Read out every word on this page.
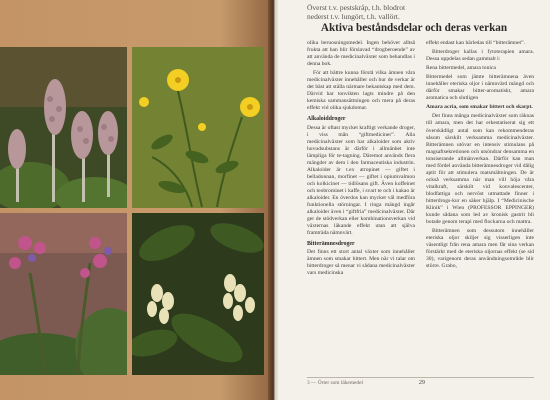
Överst t.v. pestskråp, t.h. blodrot
nederst t.v. lungört, t.h. vallört.
Aktiva beståndsdelar och deras verkan

olika beruosningsmedel. Ingen behöver alltså frukta att han blir förslavad “drogberoende” av att använda de medicinalväxter som behandlas i denna bok.

För att bättre kunna förstå vilka ämnen våra medicinalväxter innehåller och hur de verkar är det bäst att ställa närmare bekantskap med dem. Därvid har tonvikten lagts mindre på den kemiska sammansättningen och mera på deras effekt vid olika sjukdomar.

Alkaloiddroger

Dessa är oftast mycket kraftigt verkande droger, i viss mån “giftmediciner”. Alla medicinalväxter som har alkaloider som aktiv huvudsubstans är därför i allmänhet inte lämpliga för te-tagning. Däremot används flera mängder av dem i den farmaceutiska industrin. Alkaloider är t.ex atropinet — giftet i belladonnan, morfinet — giftet i opiumvalmon och kolkicinet — tidlösans gift. Även koffeinet och teobrominet i kaffe, i svart te och i kakao är alkaloider. En överdos kan mycket väl medföra funktionella störningar. I ringa mängd ingår alkaloider även i “giftfria” medicinalväxter. Där ger de stödverkan eller kombinationsverkan vid växternas läkande effekt utan att själva framträda nämnvärt.

Bitterämnesdroger

Det finns ett stort antal växter som innehåller ämnen som smakar bittert. Men när vi talar om bitterdroger så menar vi sådana medicinalväxter vars medicinska

effekt endast kan härledas till “bitterämnet”.

Bitterdroger kallas i fytoterapien amara. Dessa uppdelas sedan gammalt i:

Rena bittermedel, amara tonica

Bittermedel som jämte bitterämnena även innehåller eteriska oljor i nämnvärd mängd och därför smakar bitter-aromatiskt, amara aromatica och slutligen

Amara acria, som smakar bittert och skarpt.

Det finns många medicinalväxter som räknas till amara, men det har erkestatiserat sig ett överskådligt antal som kan rekommenderas såsom särskilt verksamma medicinalväxter. Bitterämnen utövar en intensiv stimulans på magsaftsekretionen och utsöndrar densamma en tonsiserande allmänverkan. Därför kan man med fördel använda bitterämnesdroger vid dålig aptit för att stimulera matsmältningen. De är också verksamma när man vill höja våra vitalkraft, särskilt vid konvalescenter, blodfattiga och nervöst utmattade finner i bitterdrogs-kur en säker hjälp. I “Medicinische Klinik” i Wien (PROFESSOR EPPINGER) kunde sådana som led av kronisk gastrit bli botade genom terapi med flockarna och mattra.

Bitterämnen som dessutom innehåller eteriska oljor skiljer sig visserligen inte väsentligt från rena amara men får sina verkan förstärkt med de eteriska oljornas effekt (se sid 30), varigenom deras användningsområde blir större. Grabo,

3 — Örter som läkemedel	29
